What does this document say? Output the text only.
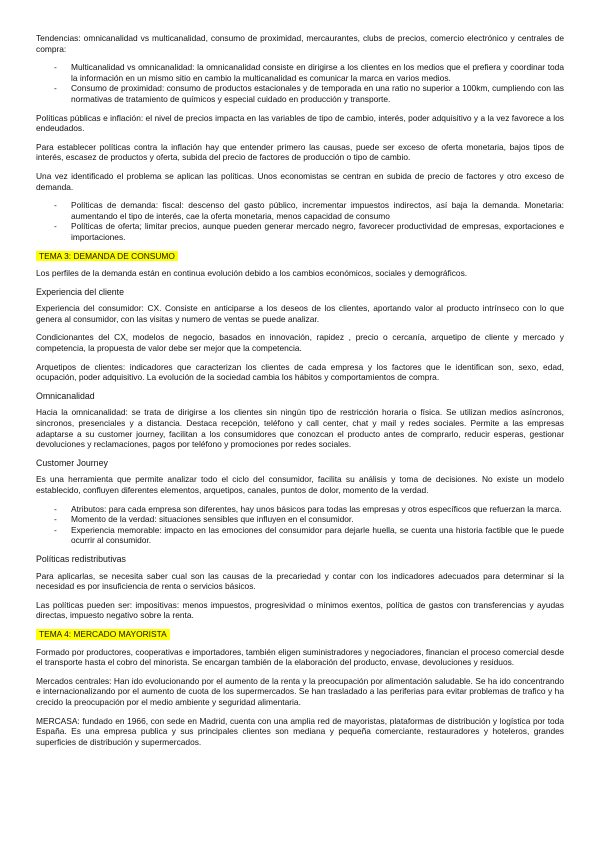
Tendencias: omnicanalidad vs multicanalidad, consumo de proximidad, mercaurantes, clubs de precios, comercio electrónico y centrales de compra:

- Multicanalidad vs omnicanalidad: la omnicanalidad consiste en dirigirse a los clientes en los medios que el prefiera y coordinar toda la información en un mismo sitio en cambio la multicanalidad es comunicar la marca en varios medios.
- Consumo de proximidad: consumo de productos estacionales y de temporada en una ratio no superior a 100km, cumpliendo con las normativas de tratamiento de químicos y especial cuidado en producción y transporte.

Políticas públicas e inflación: el nivel de precios impacta en las variables de tipo de cambio, interés, poder adquisitivo y a la vez favorece a los endeudados.

Para establecer políticas contra la inflación hay que entender primero las causas, puede ser exceso de oferta monetaria, bajos tipos de interés, escasez de productos y oferta, subida del precio de factores de producción o tipo de cambio.

Una vez identificado el problema se aplican las políticas. Unos economistas se centran en subida de precio de factores y otro exceso de demanda.

- Políticas de demanda: fiscal: descenso del gasto público, incrementar impuestos indirectos, así baja la demanda. Monetaria: aumentando el tipo de interés, cae la oferta monetaria, menos capacidad de consumo
- Políticas de oferta; limitar precios, aunque pueden generar mercado negro, favorecer productividad de empresas, exportaciones e importaciones.
TEMA 3: DEMANDA DE CONSUMO

Los perfiles de la demanda están en continua evolución debido a los cambios económicos, sociales y demográficos.

Experiencia del cliente

Experiencia del consumidor: CX. Consiste en anticiparse a los deseos de los clientes, aportando valor al producto intrínseco con lo que genera al consumidor, con las visitas y numero de ventas se puede analizar.

Condicionantes del CX, modelos de negocio, basados en innovación, rapidez , precio o cercanía, arquetipo de cliente y mercado y competencia, la propuesta de valor debe ser mejor que la competencia.

Arquetipos de clientes: indicadores que caracterizan los clientes de cada empresa y los factores que le identifican son, sexo, edad, ocupación, poder adquisitivo. La evolución de la sociedad cambia los hábitos y comportamientos de compra.

Omnicanalidad

Hacia la omnicanalidad: se trata de dirigirse a los clientes sin ningún tipo de restricción horaria o física. Se utilizan medios asíncronos, sincronos, presenciales y a distancia. Destaca recepción, teléfono y call center, chat y mail y redes sociales. Permite a las empresas adaptarse a su customer journey, facilitan a los consumidores que conozcan el producto antes de comprarlo, reducir esperas, gestionar devoluciones y reclamaciones, pagos por teléfono y promociones por redes sociales.

Customer Journey

Es una herramienta que permite analizar todo el ciclo del consumidor, facilita su análisis y toma de decisiones. No existe un modelo establecido, confluyen diferentes elementos, arquetipos, canales, puntos de dolor, momento de la verdad.

- Atributos: para cada empresa son diferentes, hay unos básicos para todas las empresas y otros específicos que refuerzan la marca.
- Momento de la verdad: situaciones sensibles que influyen en el consumidor.
- Experiencia memorable: impacto en las emociones del consumidor para dejarle huella, se cuenta una historia factible que le puede ocurrir al consumidor.

Políticas redistributivas

Para aplicarlas, se necesita saber cual son las causas de la precariedad y contar con los indicadores adecuados para determinar si la necesidad es por insuficiencia de renta o servicios básicos.

Las políticas pueden ser: impositivas: menos impuestos, progresividad o mínimos exentos, política de gastos con transferencias y ayudas directas, impuesto negativo sobre la renta.

TEMA 4: MERCADO MAYORISTA

Formado por productores, cooperativas e importadores, también eligen suministradores y negociadores, financian el proceso comercial desde el transporte hasta el cobro del minorista. Se encargan también de la elaboración del producto, envase, devoluciones y residuos.

Mercados centrales: Han ido evolucionando por el aumento de la renta y la preocupación por alimentación saludable. Se ha ido concentrando e internacionalizando por el aumento de cuota de los supermercados. Se han trasladado a las periferias para evitar problemas de trafico y ha crecido la preocupación por el medio ambiente y seguridad alimentaria.

MERCASA: fundado en 1966, con sede en Madrid, cuenta con una amplia red de mayoristas, plataformas de distribución y logística por toda España. Es una empresa publica y sus principales clientes son mediana y pequeña comerciante, restauradores y hoteleros, grandes superficies de distribución y supermercados.
